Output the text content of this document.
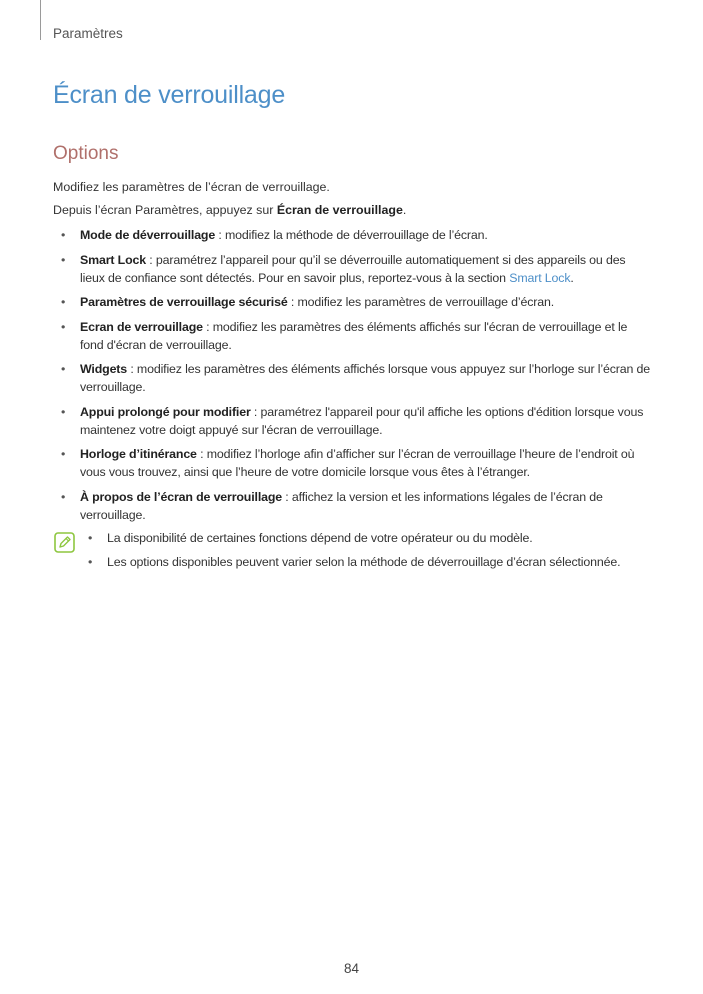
Paramètres
Écran de verrouillage
Options

Modifiez les paramètres de l’écran de verrouillage.

Depuis l’écran Paramètres, appuyez sur Écran de verrouillage.

• Mode de déverrouillage : modifiez la méthode de déverrouillage de l’écran.
• Smart Lock : paramétrez l’appareil pour qu’il se déverrouille automatiquement si des appareils ou des lieux de confiance sont détectés. Pour en savoir plus, reportez-vous à la section Smart Lock.
• Paramètres de verrouillage sécurisé : modifiez les paramètres de verrouillage d’écran.
• Ecran de verrouillage : modifiez les paramètres des éléments affichés sur l'écran de verrouillage et le fond d'écran de verrouillage.
• Widgets : modifiez les paramètres des éléments affichés lorsque vous appuyez sur l’horloge sur l’écran de verrouillage.
• Appui prolongé pour modifier : paramétrez l'appareil pour qu'il affiche les options d'édition lorsque vous maintenez votre doigt appuyé sur l'écran de verrouillage.
• Horloge d’itinérance : modifiez l’horloge afin d’afficher sur l’écran de verrouillage l’heure de l’endroit où vous vous trouvez, ainsi que l’heure de votre domicile lorsque vous êtes à l’étranger.
• À propos de l’écran de verrouillage : affichez la version et les informations légales de l’écran de verrouillage.
• La disponibilité de certaines fonctions dépend de votre opérateur ou du modèle.
• Les options disponibles peuvent varier selon la méthode de déverrouillage d’écran sélectionnée.
84
